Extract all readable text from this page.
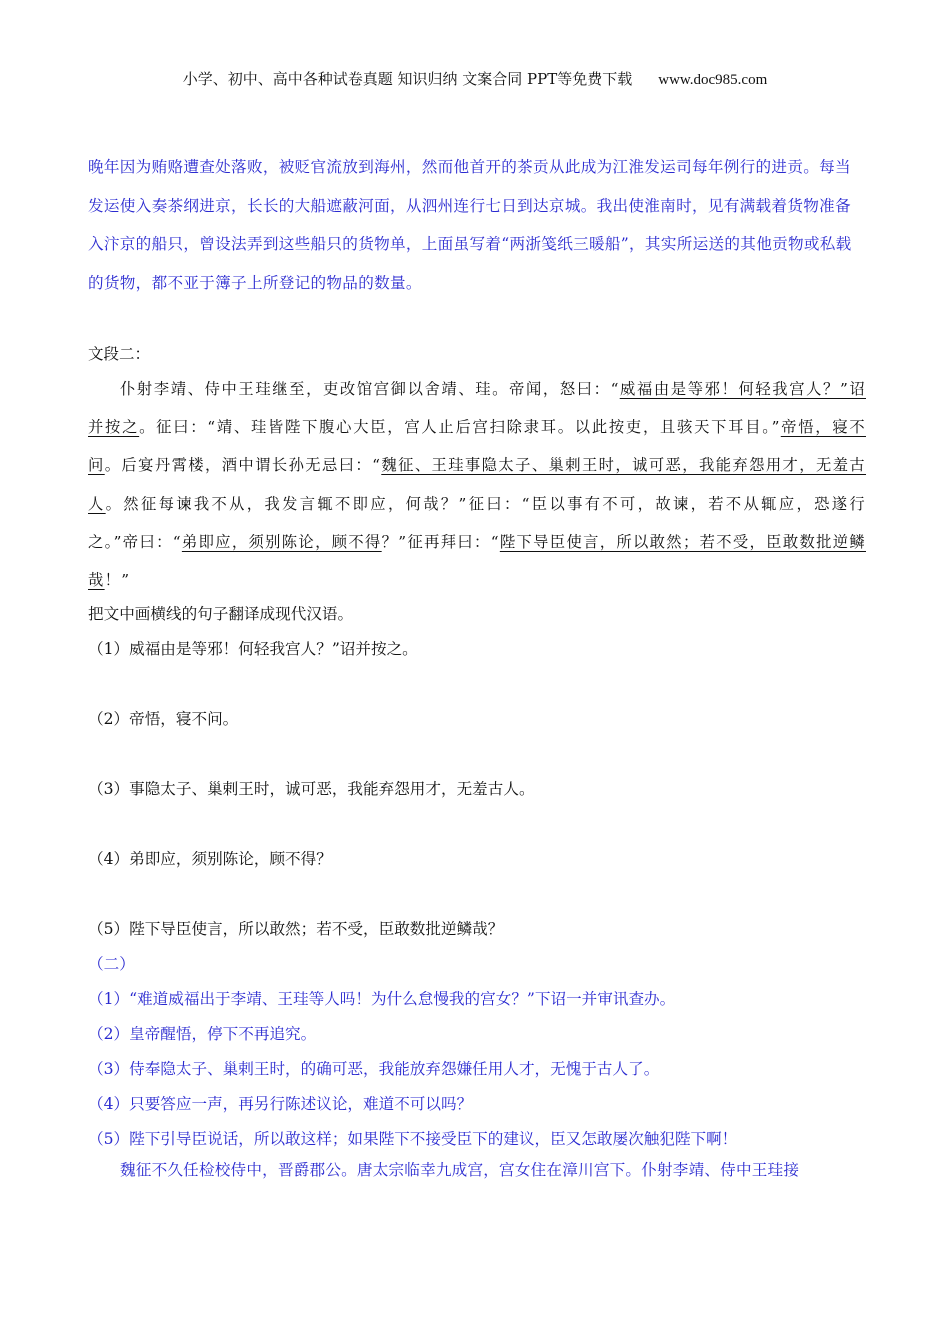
小学、初中、高中各种试卷真题 知识归纳 文案合同 PPT等免费下载 www.doc985.com
晚年因为贿赂遭查处落败，被贬官流放到海州，然而他首开的茶贡从此成为江淮发运司每年例行的进贡。每当发运使入奏茶纲进京，长长的大船遮蔽河面，从泗州连行七日到达京城。我出使淮南时，见有满载着货物准备入汴京的船只，曾设法弄到这些船只的货物单，上面虽写着“两浙笺纸三暖船”，其实所运送的其他贡物或私载的货物，都不亚于簿子上所登记的物品的数量。
文段二：
仆射李靖、侍中王珪继至，吏改馆宫御以舍靖、珪。帝闻，怒曰：“威福由是等邪！何轻我宫人？”诏并按之。征曰：“靖、珪皆陛下腹心大臣，宫人止后宫扫除隶耳。以此按吏，且骇天下耳目。”帝悟，寝不问。后宴丹霄楼，酒中谓长孙无忌曰：“魏征、王珪事隐太子、巢剌王时，诚可恶，我能弃怨用才，无羞古人。然征每谏我不从，我发言辄不即应，何哉？”征曰：“臣以事有不可，故谏，若不从辄应，恐遂行之。”帝曰：“弟即应，须别陈论，顾不得？”征再拜曰：“陛下导臣使言，所以敢然；若不受，臣敢数批逆鳞哉！”
把文中画横线的句子翻译成现代汉语。
（1）威福由是等邪！何轻我宫人？”诏并按之。
（2）帝悟，寝不问。
（3）事隐太子、巢剌王时，诚可恶，我能弃怨用才，无羞古人。
（4）弟即应，须别陈论，顾不得？
（5）陛下导臣使言，所以敢然；若不受，臣敢数批逆鳞哉？
（二）
（1）“难道威福出于李靖、王珪等人吗！为什么怠慢我的宫女？”下诏一并审讯查办。
（2）皇帝醒悟，停下不再追究。
（3）侍奉隐太子、巢剌王时，的确可恶，我能放弃怨嫌任用人才，无愧于古人了。
（4）只要答应一声，再另行陈述议论，难道不可以吗？
（5）陛下引导臣说话，所以敢这样；如果陛下不接受臣下的建议，臣又怎敢屡次触犯陛下啊！
魏征不久任检校侍中，晋爵郡公。唐太宗临幸九成宫，宫女住在漳川宫下。仆射李靖、侍中王珪接
